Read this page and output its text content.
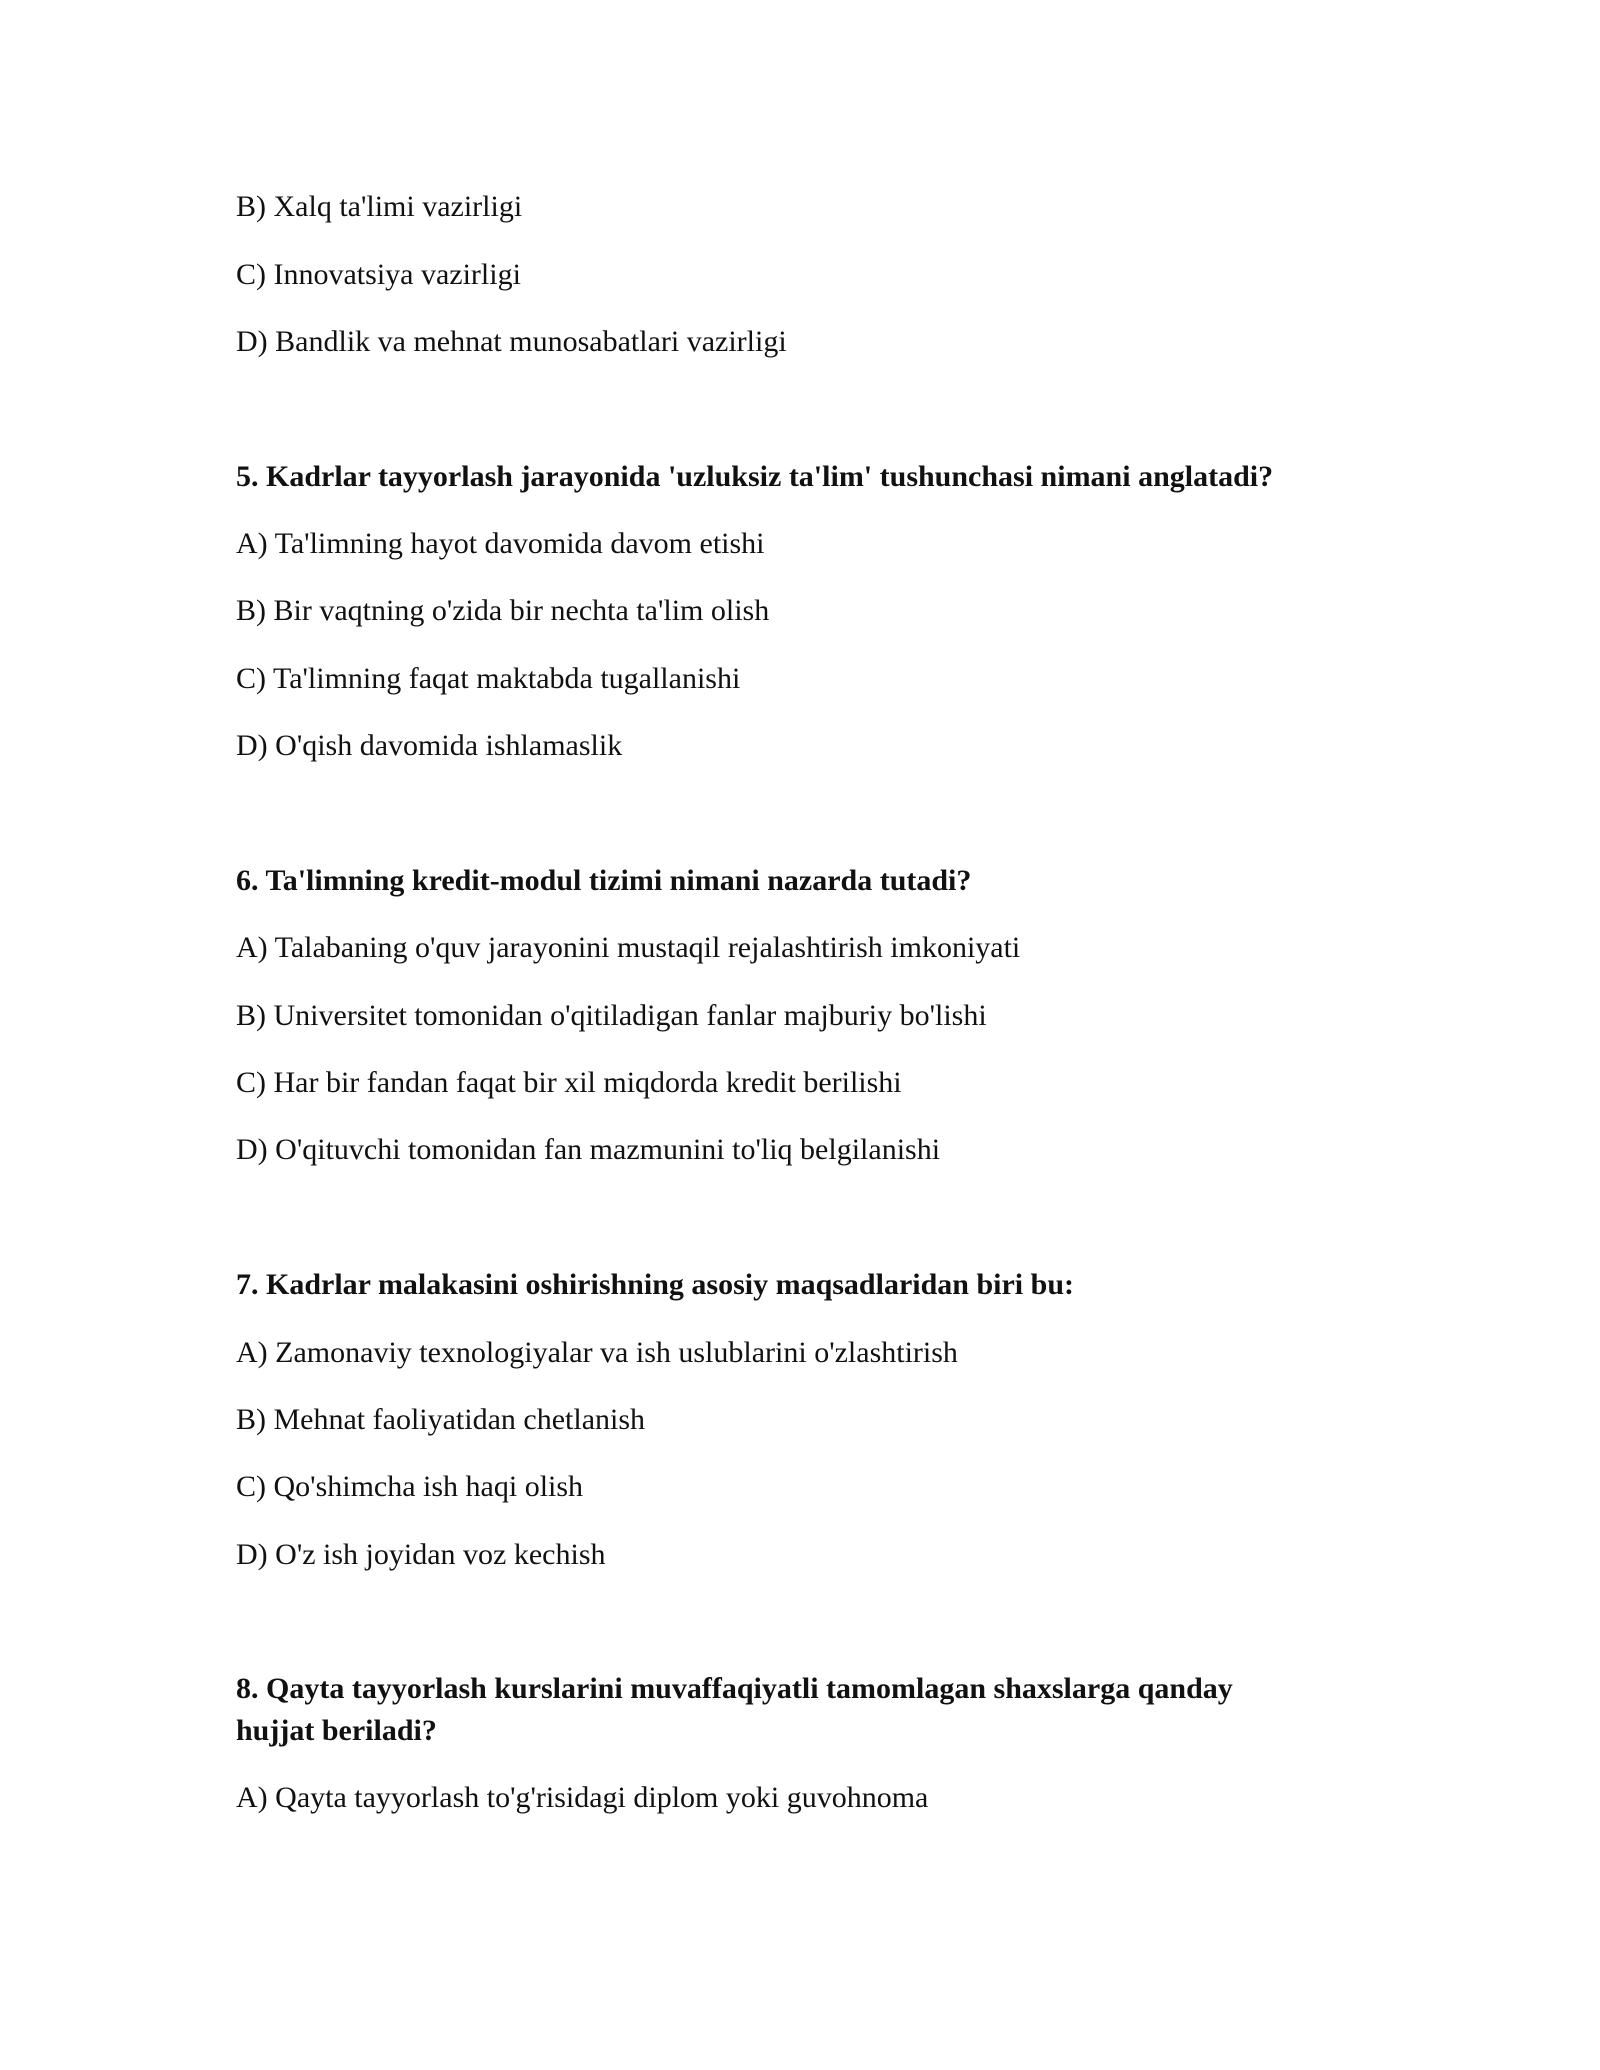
B) Xalq ta'limi vazirligi
C) Innovatsiya vazirligi
D) Bandlik va mehnat munosabatlari vazirligi
5. Kadrlar tayyorlash jarayonida 'uzluksiz ta'lim' tushunchasi nimani anglatadi?
A) Ta'limning hayot davomida davom etishi
B) Bir vaqtning o'zida bir nechta ta'lim olish
C) Ta'limning faqat maktabda tugallanishi
D) O'qish davomida ishlamaslik
6. Ta'limning kredit-modul tizimi nimani nazarda tutadi?
A) Talabaning o'quv jarayonini mustaqil rejalashtirish imkoniyati
B) Universitet tomonidan o'qitiladigan fanlar majburiy bo'lishi
C) Har bir fandan faqat bir xil miqdorda kredit berilishi
D) O'qituvchi tomonidan fan mazmunini to'liq belgilanishi
7. Kadrlar malakasini oshirishning asosiy maqsadlaridan biri bu:
A) Zamonaviy texnologiyalar va ish uslublarini o'zlashtirish
B) Mehnat faoliyatidan chetlanish
C) Qo'shimcha ish haqi olish
D) O'z ish joyidan voz kechish
8. Qayta tayyorlash kurslarini muvaffaqiyatli tamomlagan shaxslarga qanday
hujjat beriladi?
A) Qayta tayyorlash to'g'risidagi diplom yoki guvohnoma
